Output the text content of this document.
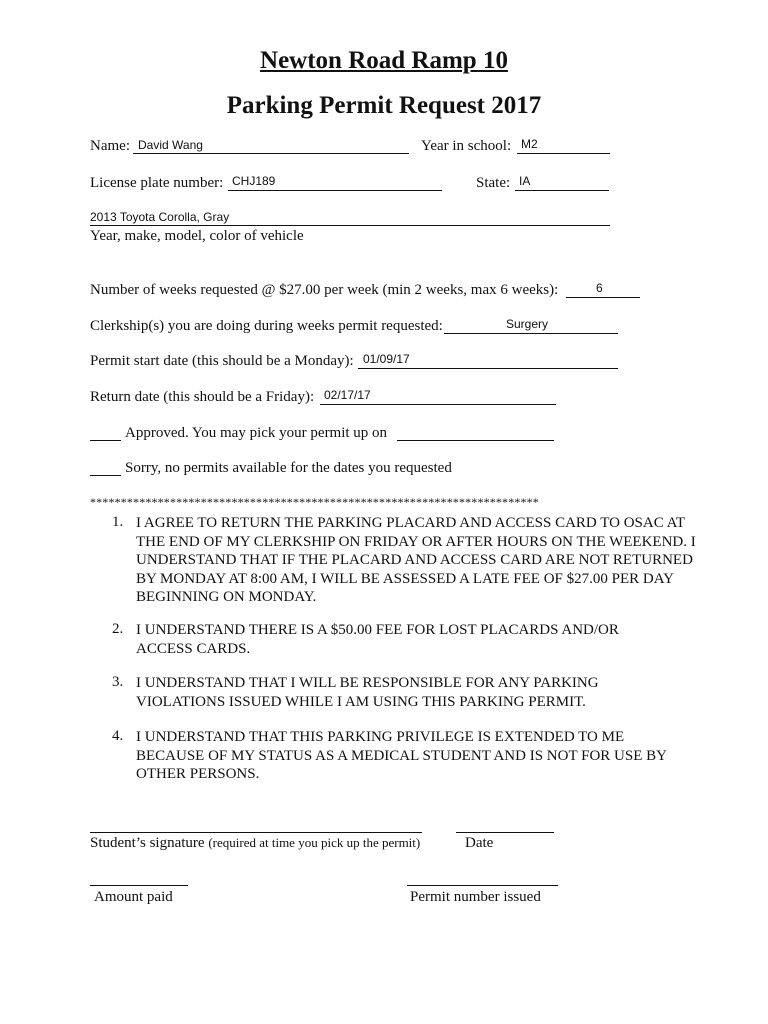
Newton Road Ramp 10
Parking Permit Request 2017
Name: David Wang	Year in school: M2
License plate number: CHJ189	State: IA
2013 Toyota Corolla, Gray
Year, make, model, color of vehicle
Number of weeks requested @ $27.00 per week (min 2 weeks, max 6 weeks):	6
Clerkship(s) you are doing during weeks permit requested:	Surgery
Permit start date (this should be a Monday): 01/09/17
Return date (this should be a Friday): 02/17/17
Approved. You may pick your permit up on
Sorry, no permits available for the dates you requested
*************************************************************************
1. I AGREE TO RETURN THE PARKING PLACARD AND ACCESS CARD TO OSAC AT THE END OF MY CLERKSHIP ON FRIDAY OR AFTER HOURS ON THE WEEKEND. I UNDERSTAND THAT IF THE PLACARD AND ACCESS CARD ARE NOT RETURNED BY MONDAY AT 8:00 AM, I WILL BE ASSESSED A LATE FEE OF $27.00 PER DAY BEGINNING ON MONDAY.
2. I UNDERSTAND THERE IS A $50.00 FEE FOR LOST PLACARDS AND/OR ACCESS CARDS.
3. I UNDERSTAND THAT I WILL BE RESPONSIBLE FOR ANY PARKING VIOLATIONS ISSUED WHILE I AM USING THIS PARKING PERMIT.
4. I UNDERSTAND THAT THIS PARKING PRIVILEGE IS EXTENDED TO ME BECAUSE OF MY STATUS AS A MEDICAL STUDENT AND IS NOT FOR USE BY OTHER PERSONS.
Student’s signature (required at time you pick up the permit)	Date
Amount paid	Permit number issued
